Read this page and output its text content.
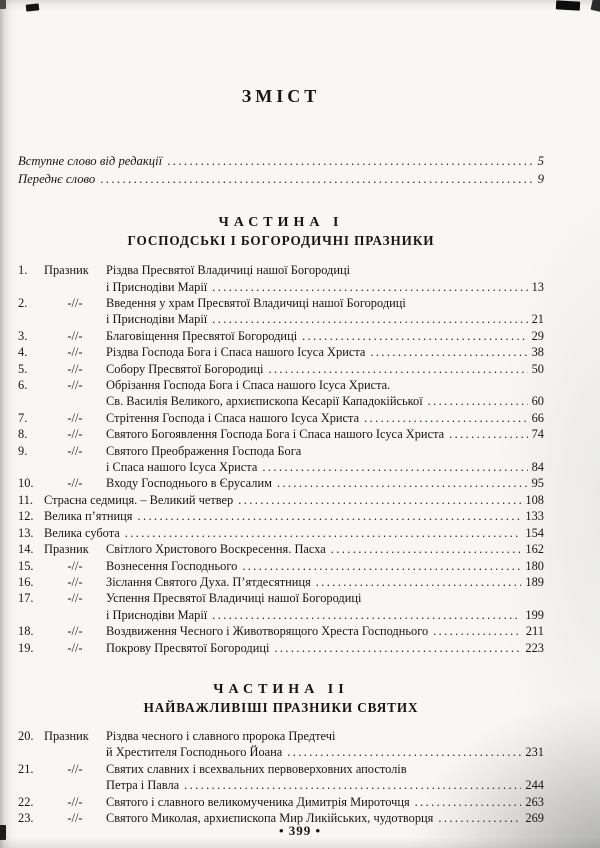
ЗМІСТ
Вступне слово від редакції .....	5
Переднє слово .....	9
ЧАСТИНА І
ГОСПОДСЬКІ І БОГОРОДИЧНІ ПРАЗНИКИ
1.	Празник	Різдва Пресвятої Владичиці нашої Богородиці
і Приснодіви Марії .....	13
2.	-//-	Введення у храм Пресвятої Владичиці нашої Богородиці
і Приснодіви Марії .....	21
3.	-//-	Благовіщення Пресвятої Богородиці .....	29
4.	-//-	Різдва Господа Бога і Спаса нашого Ісуса Христа .....	38
5.	-//-	Собору Пресвятої Богородиці .....	50
6.	-//-	Обрізання Господа Бога і Спаса нашого Ісуса Христа.
Св. Василія Великого, архиєпископа Кесарії Кападокійської .....	60
7.	-//-	Стрітення Господа і Спаса нашого Ісуса Христа .....	66
8.	-//-	Святого Богоявлення Господа Бога і Спаса нашого Ісуса Христа .....	74
9.	-//-	Святого Преображення Господа Бога
і Спаса нашого Ісуса Христа .....	84
10.	-//-	Входу Господнього в Єрусалим .....	95
11. Страсна седмиця. – Великий четвер .....	108
12. Велика п’ятниця .....	133
13. Велика субота .....	154
14. Празник	Світлого Христового Воскресення. Пасха .....	162
15.	-//-	Вознесення Господнього .....	180
16.	-//-	Зіслання Святого Духа. П’ятдесятниця .....	189
17.	-//-	Успення Пресвятої Владичиці нашої Богородиці
і Приснодіви Марії .....	199
18.	-//-	Воздвиження Чесного і Животворящого Хреста Господнього .....	211
19.	-//-	Покрову Пресвятої Богородиці .....	223
ЧАСТИНА ІІ
НАЙВАЖЛИВІШІ ПРАЗНИКИ СВЯТИХ
20. Празник	Різдва чесного і славного пророка Предтечі
й Хрестителя Господнього Йоана .....	231
21.	-//-	Святих славних і всехвальних первоверховних апостолів
Петра і Павла .....	244
22.	-//-	Святого і славного великомученика Димитрія Мироточця .....	263
23.	-//-	Святого Миколая, архиєпископа Мир Ликійських, чудотворця .....	269
• 399 •
